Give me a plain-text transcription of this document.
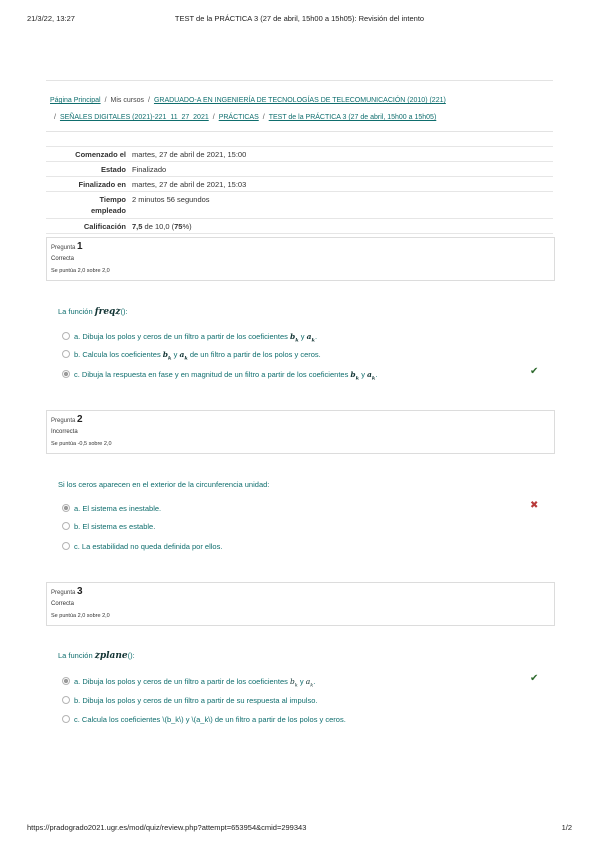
21/3/22, 13:27	TEST de la PRÁCTICA 3 (27 de abril, 15h00 a 15h05): Revisión del intento
Página Principal / Mis cursos / GRADUADO-A EN INGENIERÍA DE TECNOLOGÍAS DE TELECOMUNICACIÓN (2010) (221)
/ SEÑALES DIGITALES (2021)-221_11_27_2021 / PRÁCTICAS / TEST de la PRÁCTICA 3 (27 de abril, 15h00 a 15h05)
Comenzado el martes, 27 de abril de 2021, 15:00
Estado Finalizado
Finalizado en martes, 27 de abril de 2021, 15:03
Tiempo
empleado
2 minutos 56 segundos
Calificación 7,5 de 10,0 (75%)
Pregunta 1
Correcta
Se puntúa 2,0 sobre 2,0
La función freqz():
a. Dibuja los polos y ceros de un filtro a partir de los coeficientes $b_k$ y $a_k$.
b. Calcula los coeficientes $b_k$ y $a_k$ de un filtro a partir de los polos y ceros.
c. Dibuja la respuesta en fase y en magnitud de un filtro a partir de los coeficientes $b_k$ y $a_k$.	✔
Pregunta 2
Incorrecta
Se puntúa -0,5 sobre 2,0
Si los ceros aparecen en el exterior de la circunferencia unidad:
a. El sistema es inestable.
b. El sistema es estable.
c. La estabilidad no queda definida por ellos.
✖
Pregunta 3
Correcta
Se puntúa 2,0 sobre 2,0
La función zplane():
a. Dibuja los polos y ceros de un filtro a partir de los coeficientes $b_k$ y $a_k$.
b. Dibuja los polos y ceros de un filtro a partir de su respuesta al impulso.
c. Calcula los coeficientes \(b_k\) y \(a_k\) de un filtro a partir de los polos y ceros.
✔
https://pradogrado2021.ugr.es/mod/quiz/review.php?attempt=653954&cmid=299343	1/2
